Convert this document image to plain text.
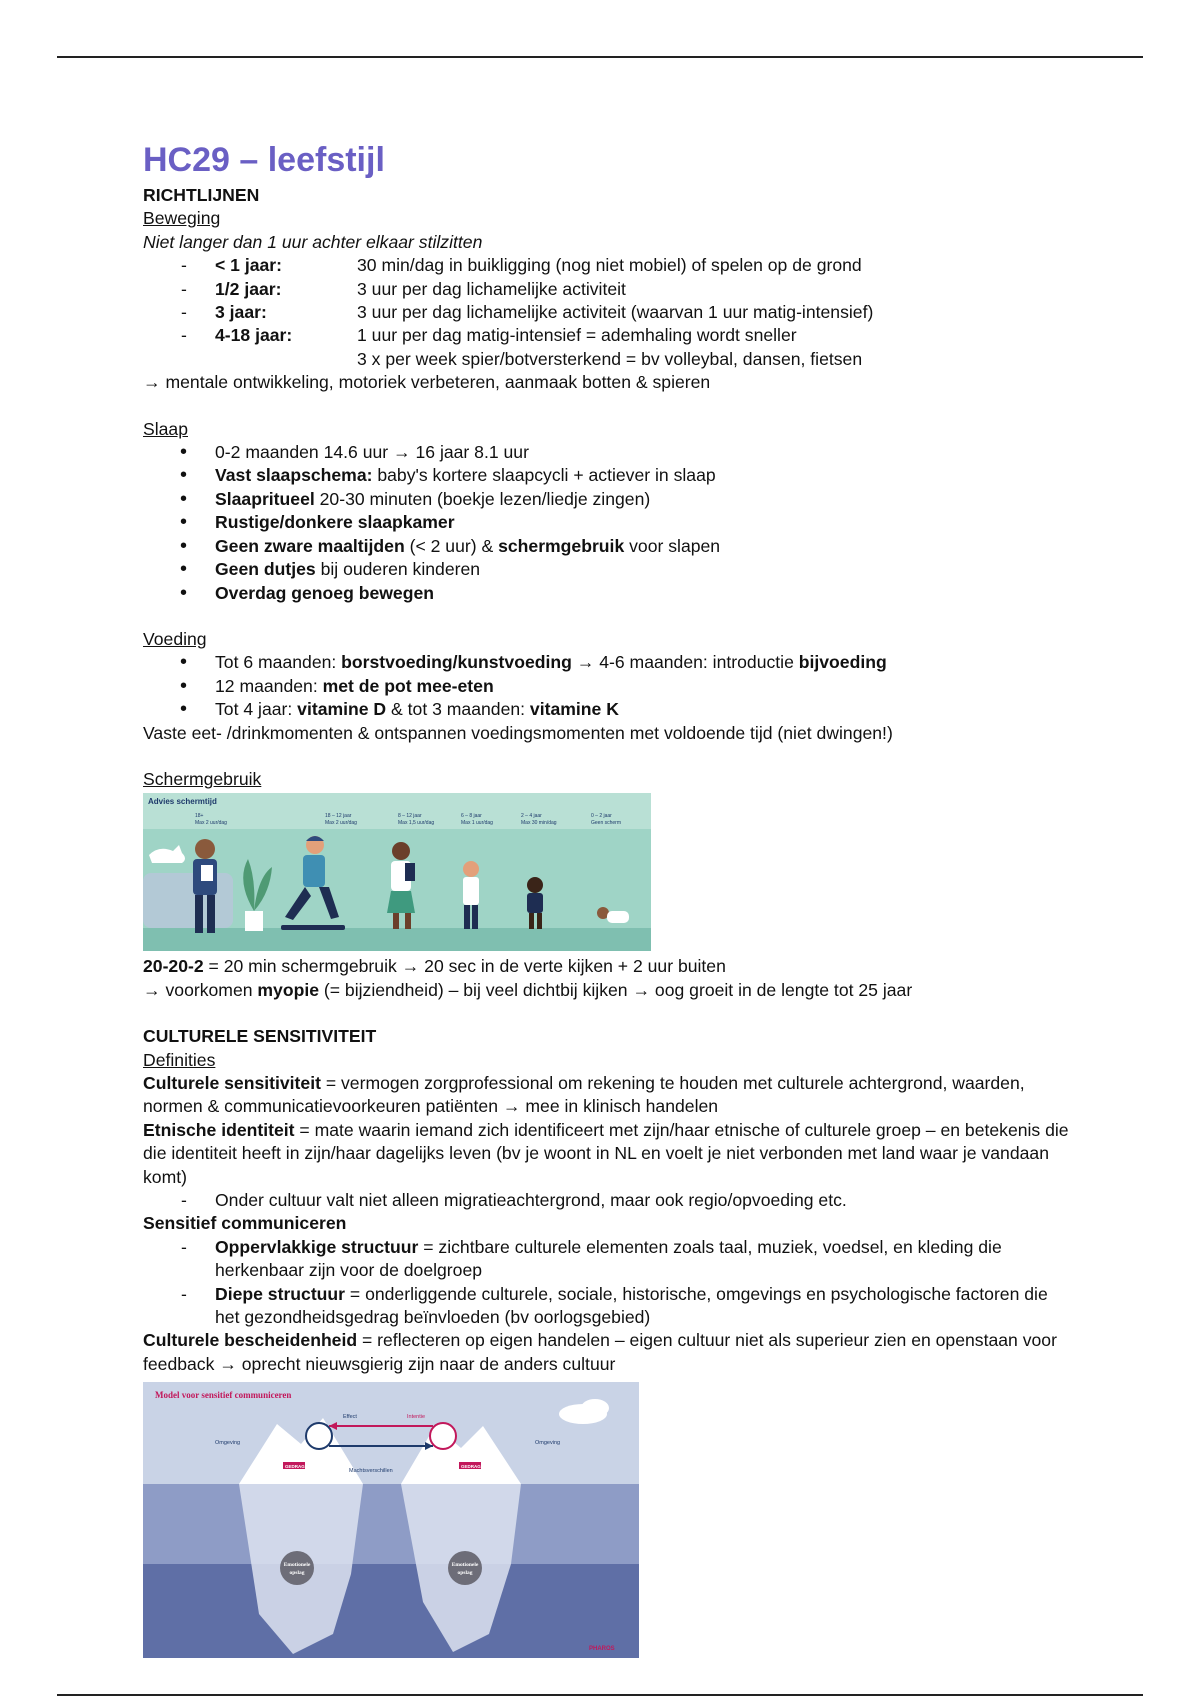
HC29 – leefstijl

RICHTLIJNEN

Beweging

Niet langer dan 1 uur achter elkaar stilzitten

- < 1 jaar:	30 min/dag in buikligging (nog niet mobiel) of spelen op de grond
- 1/2 jaar:	3 uur per dag lichamelijke activiteit
- 3 jaar:	3 uur per dag lichamelijke activiteit (waarvan 1 uur matig-intensief)
- 4-18 jaar:	1 uur per dag matig-intensief = ademhaling wordt sneller

3 x per week spier/botversterkend = bv volleybal, dansen, fietsen

→ mentale ontwikkeling, motoriek verbeteren, aanmaak botten & spieren

Slaap

• 0-2 maanden 14.6 uur → 16 jaar 8.1 uur
• Vast slaapschema: baby's kortere slaapcycli + actiever in slaap
• Slaapritueel 20-30 minuten (boekje lezen/liedje zingen)
• Rustige/donkere slaapkamer
• Geen zware maaltijden (< 2 uur) & schermgebruik voor slapen
• Geen dutjes bij ouderen kinderen
• Overdag genoeg bewegen

Voeding

• Tot 6 maanden: borstvoeding/kunstvoeding → 4-6 maanden: introductie bijvoeding
• 12 maanden: met de pot mee-eten
• Tot 4 jaar: vitamine D & tot 3 maanden: vitamine K

Vaste eet- /drinkmomenten & ontspannen voedingsmomenten met voldoende tijd (niet dwingen!)

Schermgebruik

Advies schermtijd
18+
Max 2 uur/dag
18 – 12 jaar
Max 2 uur/dag
8 – 12 jaar
Max 1,5 uur/dag
6 – 8 jaar
Max 1 uur/dag
2 – 4 jaar
Max 30 min/dag
0 – 2 jaar
Geen scherm

20-20-2 = 20 min schermgebruik → 20 sec in de verte kijken + 2 uur buiten

→ voorkomen myopie (= bijziendheid) – bij veel dichtbij kijken → oog groeit in de lengte tot 25 jaar

CULTURELE SENSITIVITEIT

Definities

Culturele sensitiviteit = vermogen zorgprofessional om rekening te houden met culturele achtergrond, waarden, normen & communicatievoorkeuren patiënten → mee in klinisch handelen

Etnische identiteit = mate waarin iemand zich identificeert met zijn/haar etnische of culturele groep – en betekenis die die identiteit heeft in zijn/haar dagelijks leven (bv je woont in NL en voelt je niet verbonden met land waar je vandaan komt)

- Onder cultuur valt niet alleen migratieachtergrond, maar ook regio/opvoeding etc.

Sensitief communiceren

- Oppervlakkige structuur = zichtbare culturele elementen zoals taal, muziek, voedsel, en kleding die herkenbaar zijn voor de doelgroep
- Diepe structuur = onderliggende culturele, sociale, historische, omgevings en psychologische factoren die het gezondheidsgedrag beïnvloeden (bv oorlogsgebied)

Culturele bescheidenheid = reflecteren op eigen handelen – eigen cultuur niet als superieur zien en openstaan voor feedback → oprecht nieuwsgierig zijn naar de anders cultuur

Model voor sensitief communiceren
Effect	Intentie
Omgeving	Omgeving
Machtsverschillen
GEDRAG	GEDRAG
Emotionele
opslag
Emotionele
opslag
PHAROS
